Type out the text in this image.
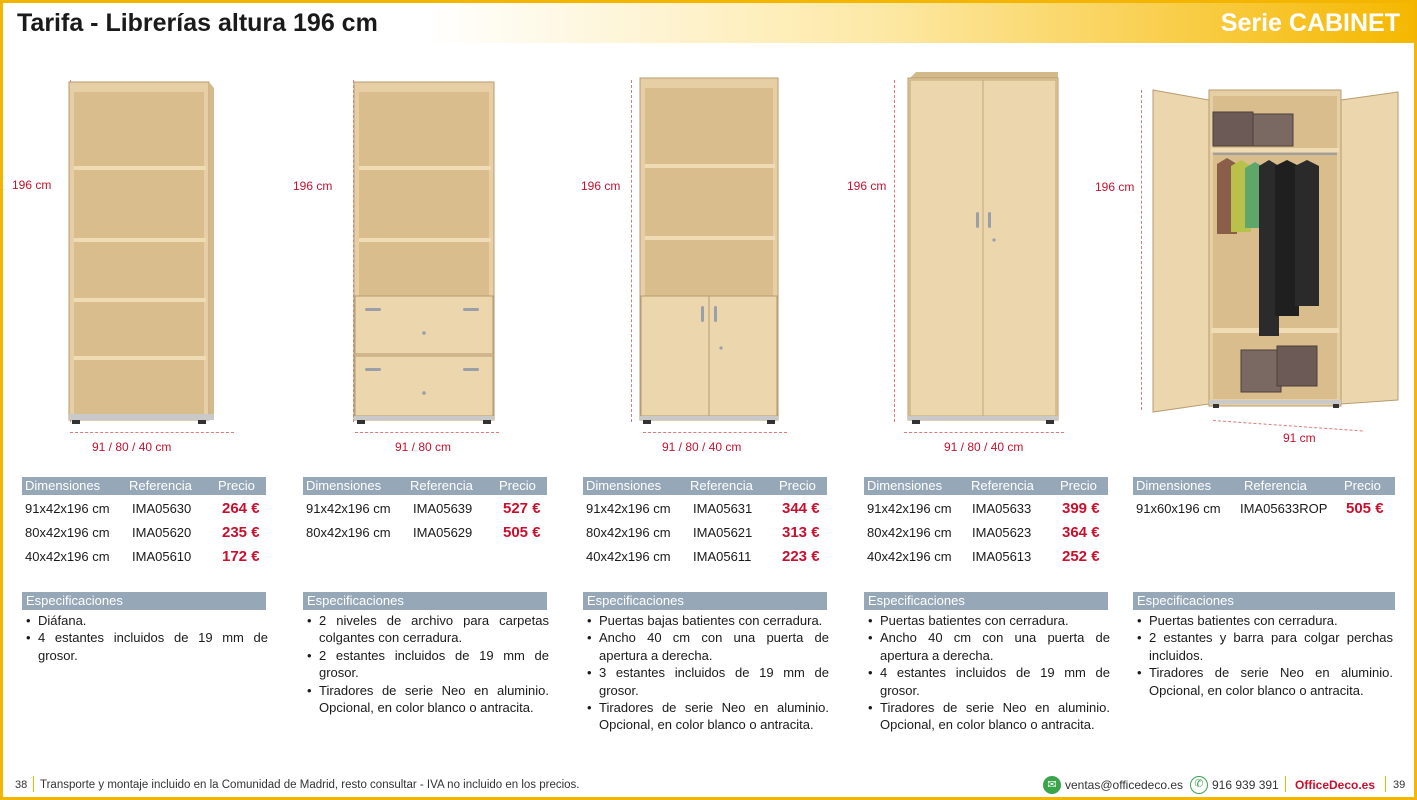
Tarifa - Librerías altura 196 cm	Serie CABINET
196 cm
91 / 80 / 40 cm
Dimensiones Referencia Precio
91x42x196 cm IMA05630 264 €
80x42x196 cm IMA05620 235 €
40x42x196 cm IMA05610 172 €
Especificaciones
• Diáfana.
• 4 estantes incluidos de 19 mm de grosor.
196 cm
91 / 80 cm
Dimensiones Referencia Precio
91x42x196 cm IMA05639 527 €
80x42x196 cm IMA05629 505 €
Especificaciones
• 2 niveles de archivo para carpetas colgantes con cerradura.
• 2 estantes incluidos de 19 mm de grosor.
• Tiradores de serie Neo en aluminio. Opcional, en color blanco o antracita.
196 cm
91 / 80 / 40 cm
Dimensiones Referencia Precio
91x42x196 cm IMA05631 344 €
80x42x196 cm IMA05621 313 €
40x42x196 cm IMA05611 223 €
Especificaciones
• Puertas bajas batientes con cerradura.
• Ancho 40 cm con una puerta de apertura a derecha.
• 3 estantes incluidos de 19 mm de grosor.
• Tiradores de serie Neo en aluminio. Opcional, en color blanco o antracita.
196 cm
91 / 80 / 40 cm
Dimensiones Referencia Precio
91x42x196 cm IMA05633 399 €
80x42x196 cm IMA05623 364 €
40x42x196 cm IMA05613 252 €
Especificaciones
• Puertas batientes con cerradura.
• Ancho 40 cm con una puerta de apertura a derecha.
• 4 estantes incluidos de 19 mm de grosor.
• Tiradores de serie Neo en aluminio. Opcional, en color blanco o antracita.
196 cm
91 cm
Dimensiones	Referencia	Precio
91x60x196 cm IMA05633ROP 505 €
Especificaciones
• Puertas batientes con cerradura.
• 2 estantes y barra para colgar perchas incluidos.
• Tiradores de serie Neo en aluminio. Opcional, en color blanco o antracita.
38 Transporte y montaje incluido en la Comunidad de Madrid, resto consultar - IVA no incluido en los precios.	✉ ventas@officedeco.es	✆ 916 939 391 OfficeDeco.es 39
